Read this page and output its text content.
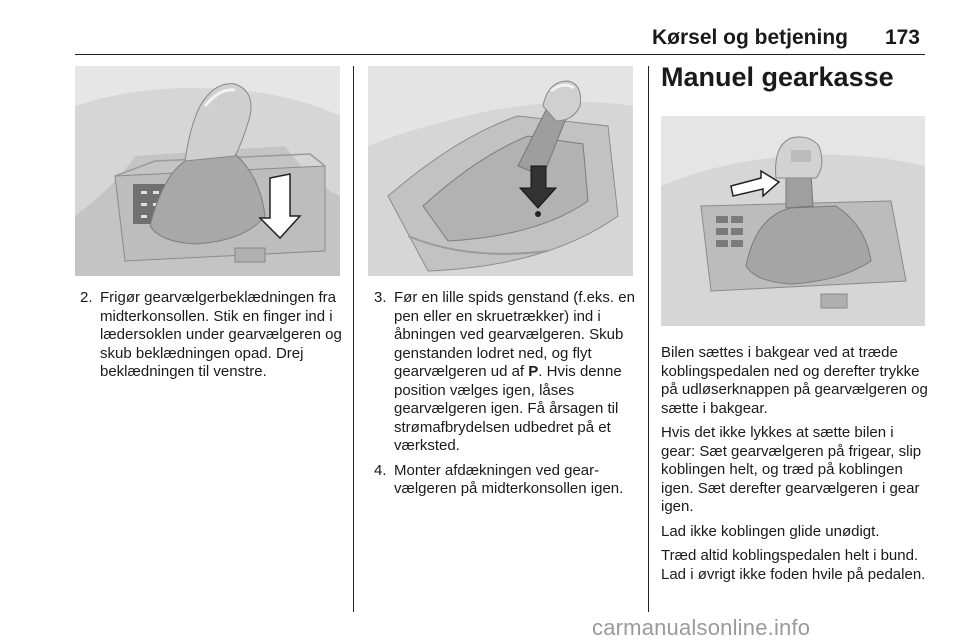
Kørsel og betjening 173
2. Frigør gearvælgerbeklædningen fra midterkonsollen. Stik en finger ind i lædersoklen under gearvælgeren og skub beklædningen opad. Drej beklædningen til venstre.
3. Før en lille spids genstand (f.eks. en pen eller en skruetrækker) ind i åbningen ved gearvælgeren. Skub genstanden lodret ned, og flyt gearvælgeren ud af P. Hvis denne position vælges igen, låses gearvælgeren igen. Få årsagen til strømafbrydelsen udbedret på et værksted.
4. Monter afdækningen ved gearvælgeren på midterkonsollen igen.
Manuel gearkasse

Bilen sættes i bakgear ved at træde koblingspedalen ned og derefter trykke på udløserknappen på gearvælgeren og sætte i bakgear.

Hvis det ikke lykkes at sætte bilen i gear: Sæt gearvælgeren på frigear, slip koblingen helt, og træd på koblingen igen. Sæt derefter gearvælgeren i gear igen.

Lad ikke koblingen glide unødigt.

Træd altid koblingspedalen helt i bund. Lad i øvrigt ikke foden hvile på pedalen.

carmanualsonline.info
